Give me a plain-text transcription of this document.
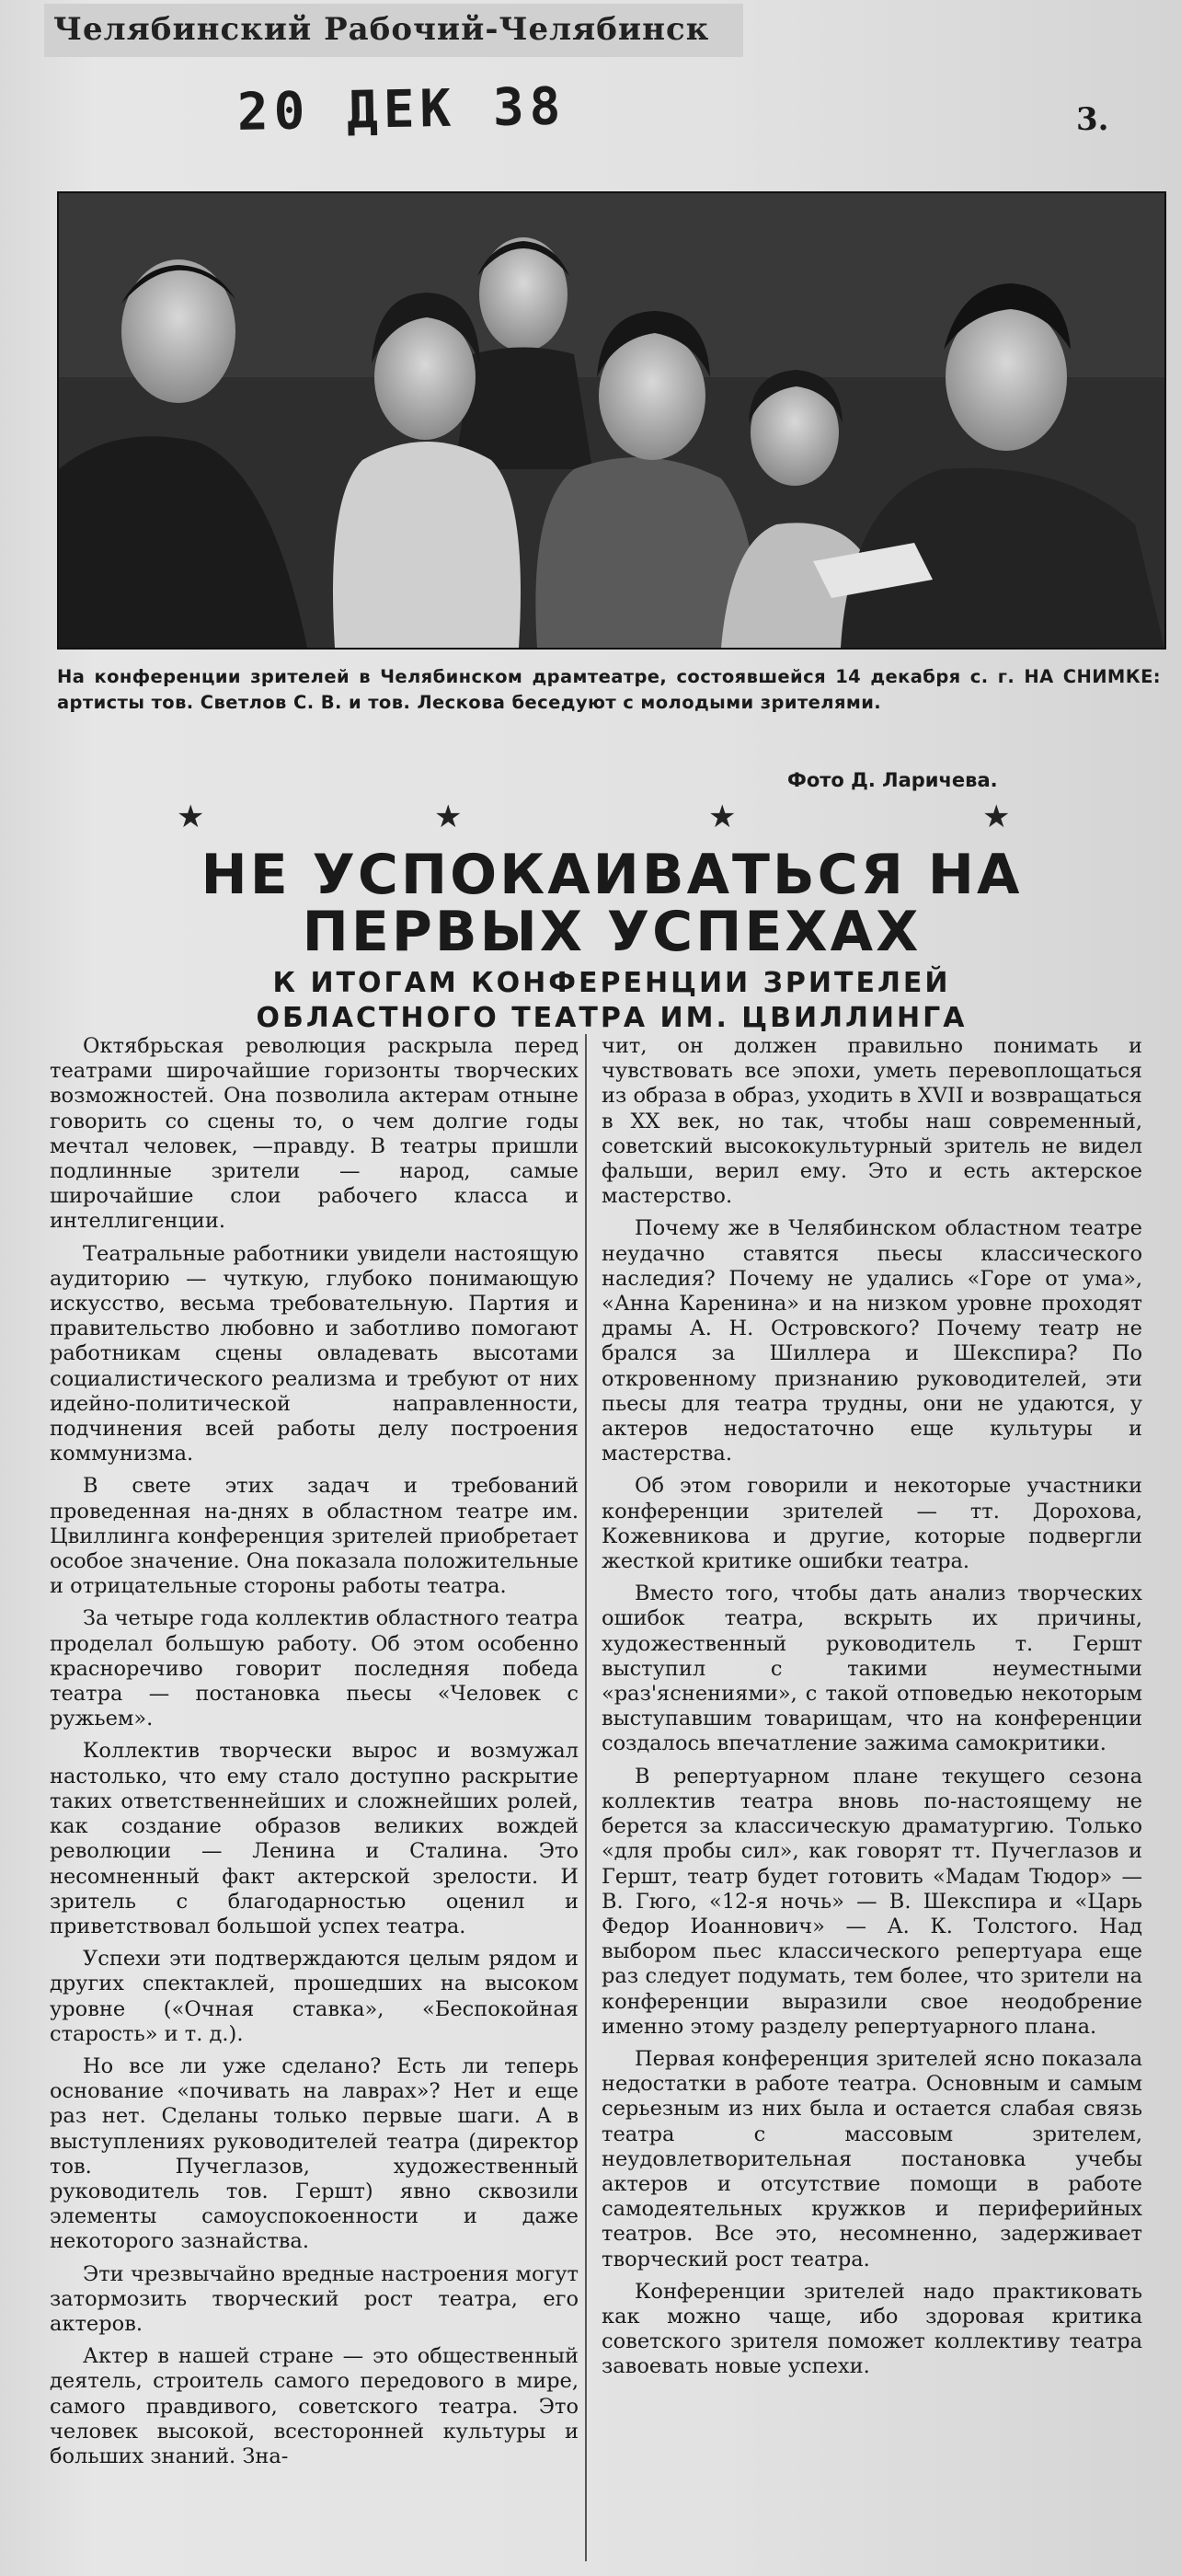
Челябинский Рабочий-Челябинск
20 ДЕК 38	3.
На конференции зрителей в Челябинском драмтеатре, состоявшейся 14 декабря с. г. НА СНИМКЕ: артисты тов. Светлов С. В. и тов. Лескова беседуют с молодыми зрителями.
Фото Д. Ларичева.
★	★	★	★
НЕ УСПОКАИВАТЬСЯ НА ПЕРВЫХ УСПЕХАХ
К ИТОГАМ КОНФЕРЕНЦИИ ЗРИТЕЛЕЙ ОБЛАСТНОГО ТЕАТРА ИМ. ЦВИЛЛИНГА

Октябрьская революция раскрыла перед театрами широчайшие горизонты творческих возможностей. Она позволила актерам отныне говорить со сцены то, о чем долгие годы мечтал человек, —правду. В театры пришли подлинные зрители — народ, самые широчайшие слои рабочего класса и интеллигенции.

Театральные работники увидели настоящую аудиторию — чуткую, глубоко понимающую искусство, весьма требовательную. Партия и правительство любовно и заботливо помогают работникам сцены овладевать высотами социалистического реализма и требуют от них идейно-политической направленности, подчинения всей работы делу построения коммунизма.

В свете этих задач и требований проведенная на-днях в областном театре им. Цвиллинга конференция зрителей приобретает особое значение. Она показала положительные и отрицательные стороны работы театра.

За четыре года коллектив областного театра проделал большую работу. Об этом особенно красноречиво говорит последняя победа театра — постановка пьесы «Человек с ружьем».

Коллектив творчески вырос и возмужал настолько, что ему стало доступно раскрытие таких ответственнейших и сложнейших ролей, как создание образов великих вождей революции — Ленина и Сталина. Это несомненный факт актерской зрелости. И зритель с благодарностью оценил и приветствовал большой успех театра.

Успехи эти подтверждаются целым рядом и других спектаклей, прошедших на высоком уровне («Очная ставка», «Беспокойная старость» и т. д.).

Но все ли уже сделано? Есть ли теперь основание «почивать на лаврах»? Нет и еще раз нет. Сделаны только первые шаги. А в выступлениях руководителей театра (директор тов. Пучеглазов, художественный руководитель тов. Гершт) явно сквозили элементы самоуспокоенности и даже некоторого зазнайства.

Эти чрезвычайно вредные настроения могут затормозить творческий рост театра, его актеров.

Актер в нашей стране — это общественный деятель, строитель самого передового в мире, самого правдивого, советского театра. Это человек высокой, всесторонней культуры и больших знаний. Зна-

чит, он должен правильно понимать и чувствовать все эпохи, уметь перевоплощаться из образа в образ, уходить в XVII и возвращаться в XX век, но так, чтобы наш современный, советский высококультурный зритель не видел фальши, верил ему. Это и есть актерское мастерство.

Почему же в Челябинском областном театре неудачно ставятся пьесы классического наследия? Почему не удались «Горе от ума», «Анна Каренина» и на низком уровне проходят драмы А. Н. Островского? Почему театр не брался за Шиллера и Шекспира? По откровенному признанию руководителей, эти пьесы для театра трудны, они не удаются, у актеров недостаточно еще культуры и мастерства.

Об этом говорили и некоторые участники конференции зрителей — тт. Дорохова, Кожевникова и другие, которые подвергли жесткой критике ошибки театра.

Вместо того, чтобы дать анализ творческих ошибок театра, вскрыть их причины, художественный руководитель т. Гершт выступил с такими неуместными «раз'яснениями», с такой отповедью некоторым выступавшим товарищам, что на конференции создалось впечатление зажима самокритики.

В репертуарном плане текущего сезона коллектив театра вновь по-настоящему не берется за классическую драматургию. Только «для пробы сил», как говорят тт. Пучеглазов и Гершт, театр будет готовить «Мадам Тюдор» — В. Гюго, «12-я ночь» — В. Шекспира и «Царь Федор Иоаннович» — А. К. Толстого. Над выбором пьес классического репертуара еще раз следует подумать, тем более, что зрители на конференции выразили свое неодобрение именно этому разделу репертуарного плана.

Первая конференция зрителей ясно показала недостатки в работе театра. Основным и самым серьезным из них была и остается слабая связь театра с массовым зрителем, неудовлетворительная постановка учебы актеров и отсутствие помощи в работе самодеятельных кружков и периферийных театров. Все это, несомненно, задерживает творческий рост театра.

Конференции зрителей надо практиковать как можно чаще, ибо здоровая критика советского зрителя поможет коллективу театра завоевать новые успехи.
